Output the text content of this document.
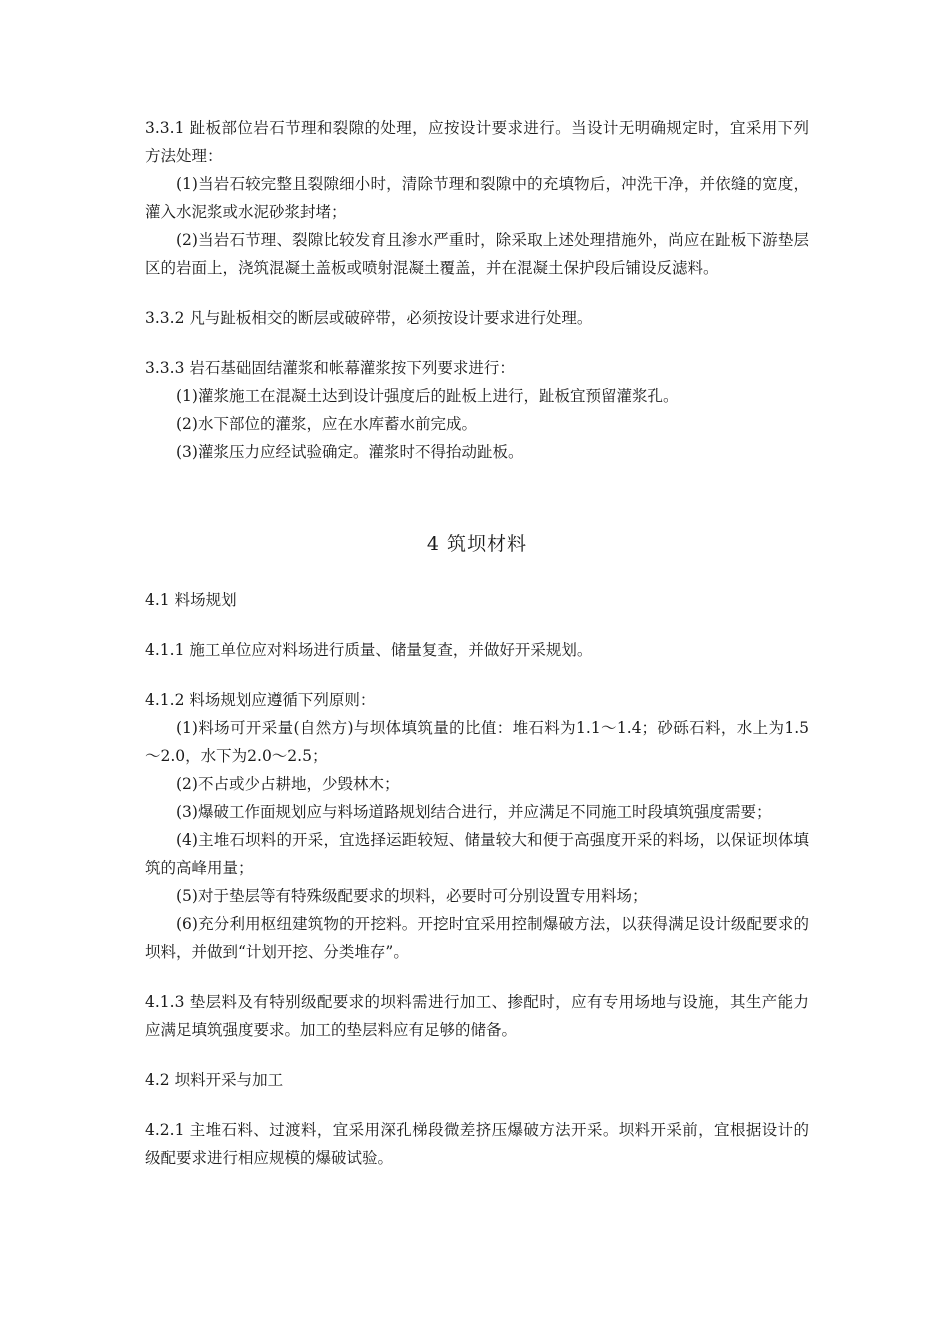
3.3.1 趾板部位岩石节理和裂隙的处理，应按设计要求进行。当设计无明确规定时，宜采用下列方法处理：

(1)当岩石较完整且裂隙细小时，清除节理和裂隙中的充填物后，冲洗干净，并依缝的宽度，灌入水泥浆或水泥砂浆封堵；

(2)当岩石节理、裂隙比较发育且渗水严重时，除采取上述处理措施外，尚应在趾板下游垫层区的岩面上，浇筑混凝土盖板或喷射混凝土覆盖，并在混凝土保护段后铺设反滤料。

3.3.2 凡与趾板相交的断层或破碎带，必须按设计要求进行处理。

3.3.3 岩石基础固结灌浆和帐幕灌浆按下列要求进行：

(1)灌浆施工在混凝土达到设计强度后的趾板上进行，趾板宜预留灌浆孔。

(2)水下部位的灌浆，应在水库蓄水前完成。

(3)灌浆压力应经试验确定。灌浆时不得抬动趾板。

4 筑坝材料

4.1 料场规划

4.1.1 施工单位应对料场进行质量、储量复查，并做好开采规划。

4.1.2 料场规划应遵循下列原则：

(1)料场可开采量(自然方)与坝体填筑量的比值：堆石料为1.1～1.4；砂砾石料，水上为1.5～2.0，水下为2.0～2.5；

(2)不占或少占耕地，少毁林木；

(3)爆破工作面规划应与料场道路规划结合进行，并应满足不同施工时段填筑强度需要；

(4)主堆石坝料的开采，宜选择运距较短、储量较大和便于高强度开采的料场，以保证坝体填筑的高峰用量；

(5)对于垫层等有特殊级配要求的坝料，必要时可分别设置专用料场；

(6)充分利用枢纽建筑物的开挖料。开挖时宜采用控制爆破方法，以获得满足设计级配要求的坝料，并做到“计划开挖、分类堆存”。

4.1.3 垫层料及有特别级配要求的坝料需进行加工、掺配时，应有专用场地与设施，其生产能力应满足填筑强度要求。加工的垫层料应有足够的储备。

4.2 坝料开采与加工

4.2.1 主堆石料、过渡料，宜采用深孔梯段微差挤压爆破方法开采。坝料开采前，宜根据设计的级配要求进行相应规模的爆破试验。
